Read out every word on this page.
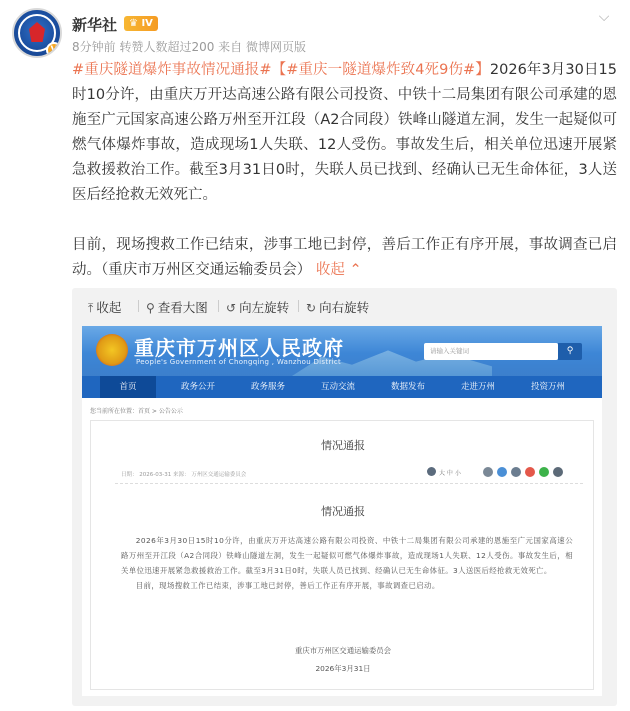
V
新华社	♛ IV
8分钟前 转赞人数超过200 来自 微博网页版
⌵

#重庆隧道爆炸事故情况通报#【#重庆一隧道爆炸致4死9伤#】2026年3月30日15时10分许，由重庆万开达高速公路有限公司投资、中铁十二局集团有限公司承建的恩施至广元国家高速公路万州至开江段（A2合同段）铁峰山隧道左洞，发生一起疑似可燃气体爆炸事故，造成现场1人失联、12人受伤。事故发生后，相关单位迅速开展紧急救援救治工作。截至3月31日0时，失联人员已找到、经确认已无生命体征，3人送医后经抢救无效死亡。

目前，现场搜救工作已结束，涉事工地已封停，善后工作正有序开展，事故调查已启动。（重庆市万州区交通运输委员会） 收起 ⌃

⤒ 收起 ⚲ 查看大图 ↺ 向左旋转 ↻ 向右旋转
重庆市万州区人民政府
People's Government of Chongqing , Wanzhou District
请输入关键词	⚲
首页	政务公开	政务服务	互动交流	数据发布	走进万州	投资万州
您当前所在位置：首页 > 公告公示
情况通报
日期： 2026-03-31 来源： 万州区交通运输委员会	大 中 小
情况通报
2026年3月30日15时10分许，由重庆万开达高速公路有限公司投资、中铁十二局集团有限公司承建的恩施至广元国家高速公路万州至开江段（A2合同段）铁峰山隧道左洞，发生一起疑似可燃气体爆炸事故，造成现场1人失联、12人受伤。事故发生后，相关单位迅速开展紧急救援救治工作。截至3月31日0时，失联人员已找到、经确认已无生命体征。3人送医后经抢救无效死亡。
目前，现场搜救工作已结束，涉事工地已封停，善后工作正有序开展，事故调查已启动。
重庆市万州区交通运输委员会
2026年3月31日
